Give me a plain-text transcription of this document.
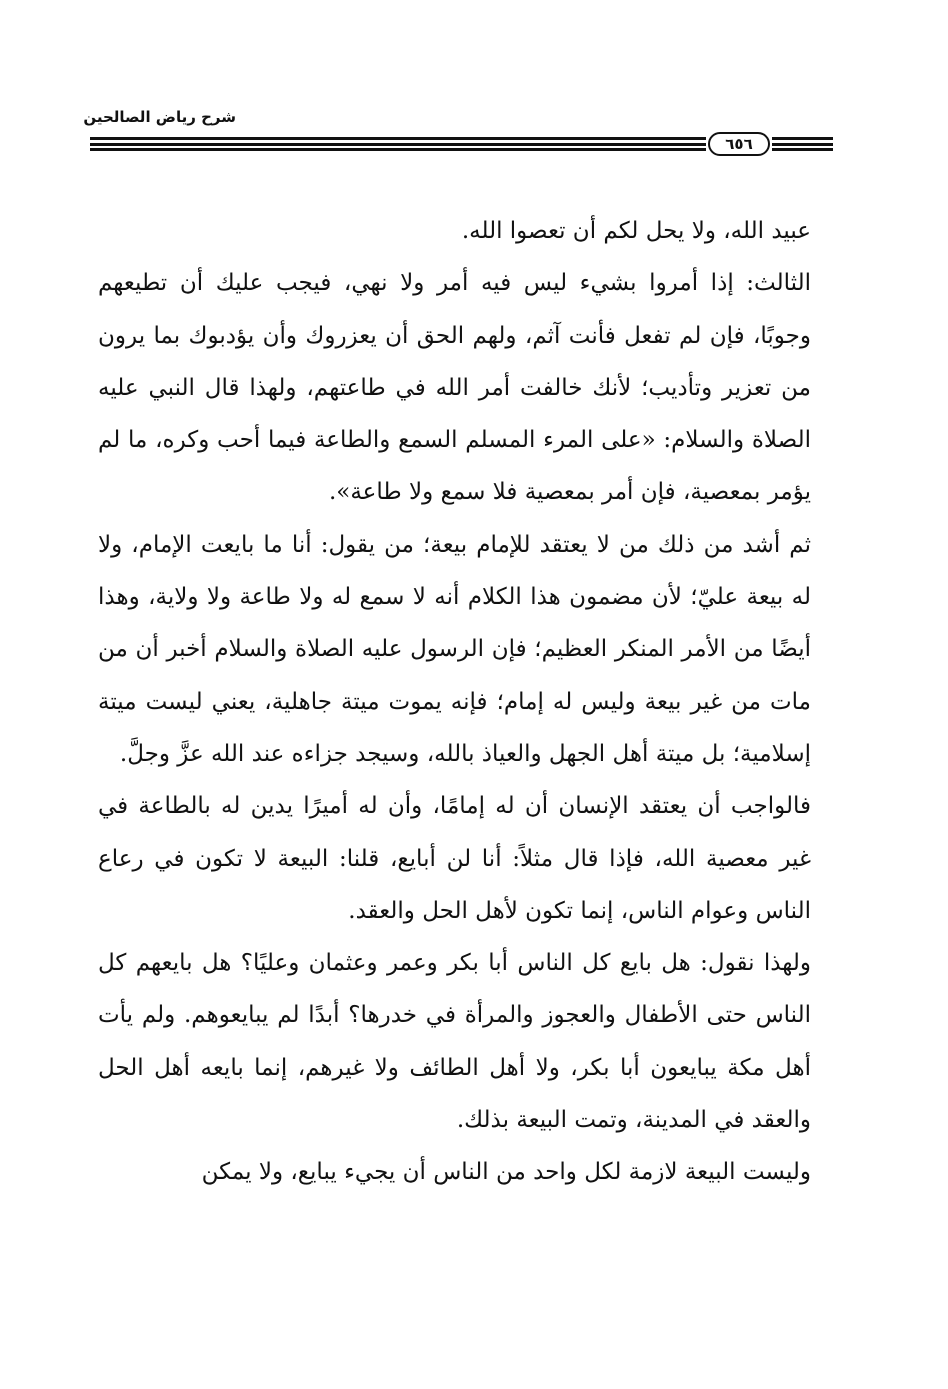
شرح رياض الصالحين
٦٥٦

عبيد الله، ولا يحل لكم أن تعصوا الله.

الثالث: إذا أمروا بشيء ليس فيه أمر ولا نهي، فيجب عليك أن تطيعهم وجوبًا، فإن لم تفعل فأنت آثم، ولهم الحق أن يعزروك وأن يؤدبوك بما يرون من تعزير وتأديب؛ لأنك خالفت أمر الله في طاعتهم، ولهذا قال النبي عليه الصلاة والسلام: «على المرء المسلم السمع والطاعة فيما أحب وكره، ما لم يؤمر بمعصية، فإن أمر بمعصية فلا سمع ولا طاعة».

ثم أشد من ذلك من لا يعتقد للإمام بيعة؛ من يقول: أنا ما بايعت الإمام، ولا له بيعة عليّ؛ لأن مضمون هذا الكلام أنه لا سمع له ولا طاعة ولا ولاية، وهذا أيضًا من الأمر المنكر العظيم؛ فإن الرسول عليه الصلاة والسلام أخبر أن من مات من غير بيعة وليس له إمام؛ فإنه يموت ميتة جاهلية، يعني ليست ميتة إسلامية؛ بل ميتة أهل الجهل والعياذ بالله، وسيجد جزاءه عند الله عزَّ وجلَّ.

فالواجب أن يعتقد الإنسان أن له إمامًا، وأن له أميرًا يدين له بالطاعة في غير معصية الله، فإذا قال مثلاً: أنا لن أبايع، قلنا: البيعة لا تكون في رعاع الناس وعوام الناس، إنما تكون لأهل الحل والعقد.

ولهذا نقول: هل بايع كل الناس أبا بكر وعمر وعثمان وعليًا؟ هل بايعهم كل الناس حتى الأطفال والعجوز والمرأة في خدرها؟ أبدًا لم يبايعوهم. ولم يأت أهل مكة يبايعون أبا بكر، ولا أهل الطائف ولا غيرهم، إنما بايعه أهل الحل والعقد في المدينة، وتمت البيعة بذلك.

وليست البيعة لازمة لكل واحد من الناس أن يجيء يبايع، ولا يمكن
